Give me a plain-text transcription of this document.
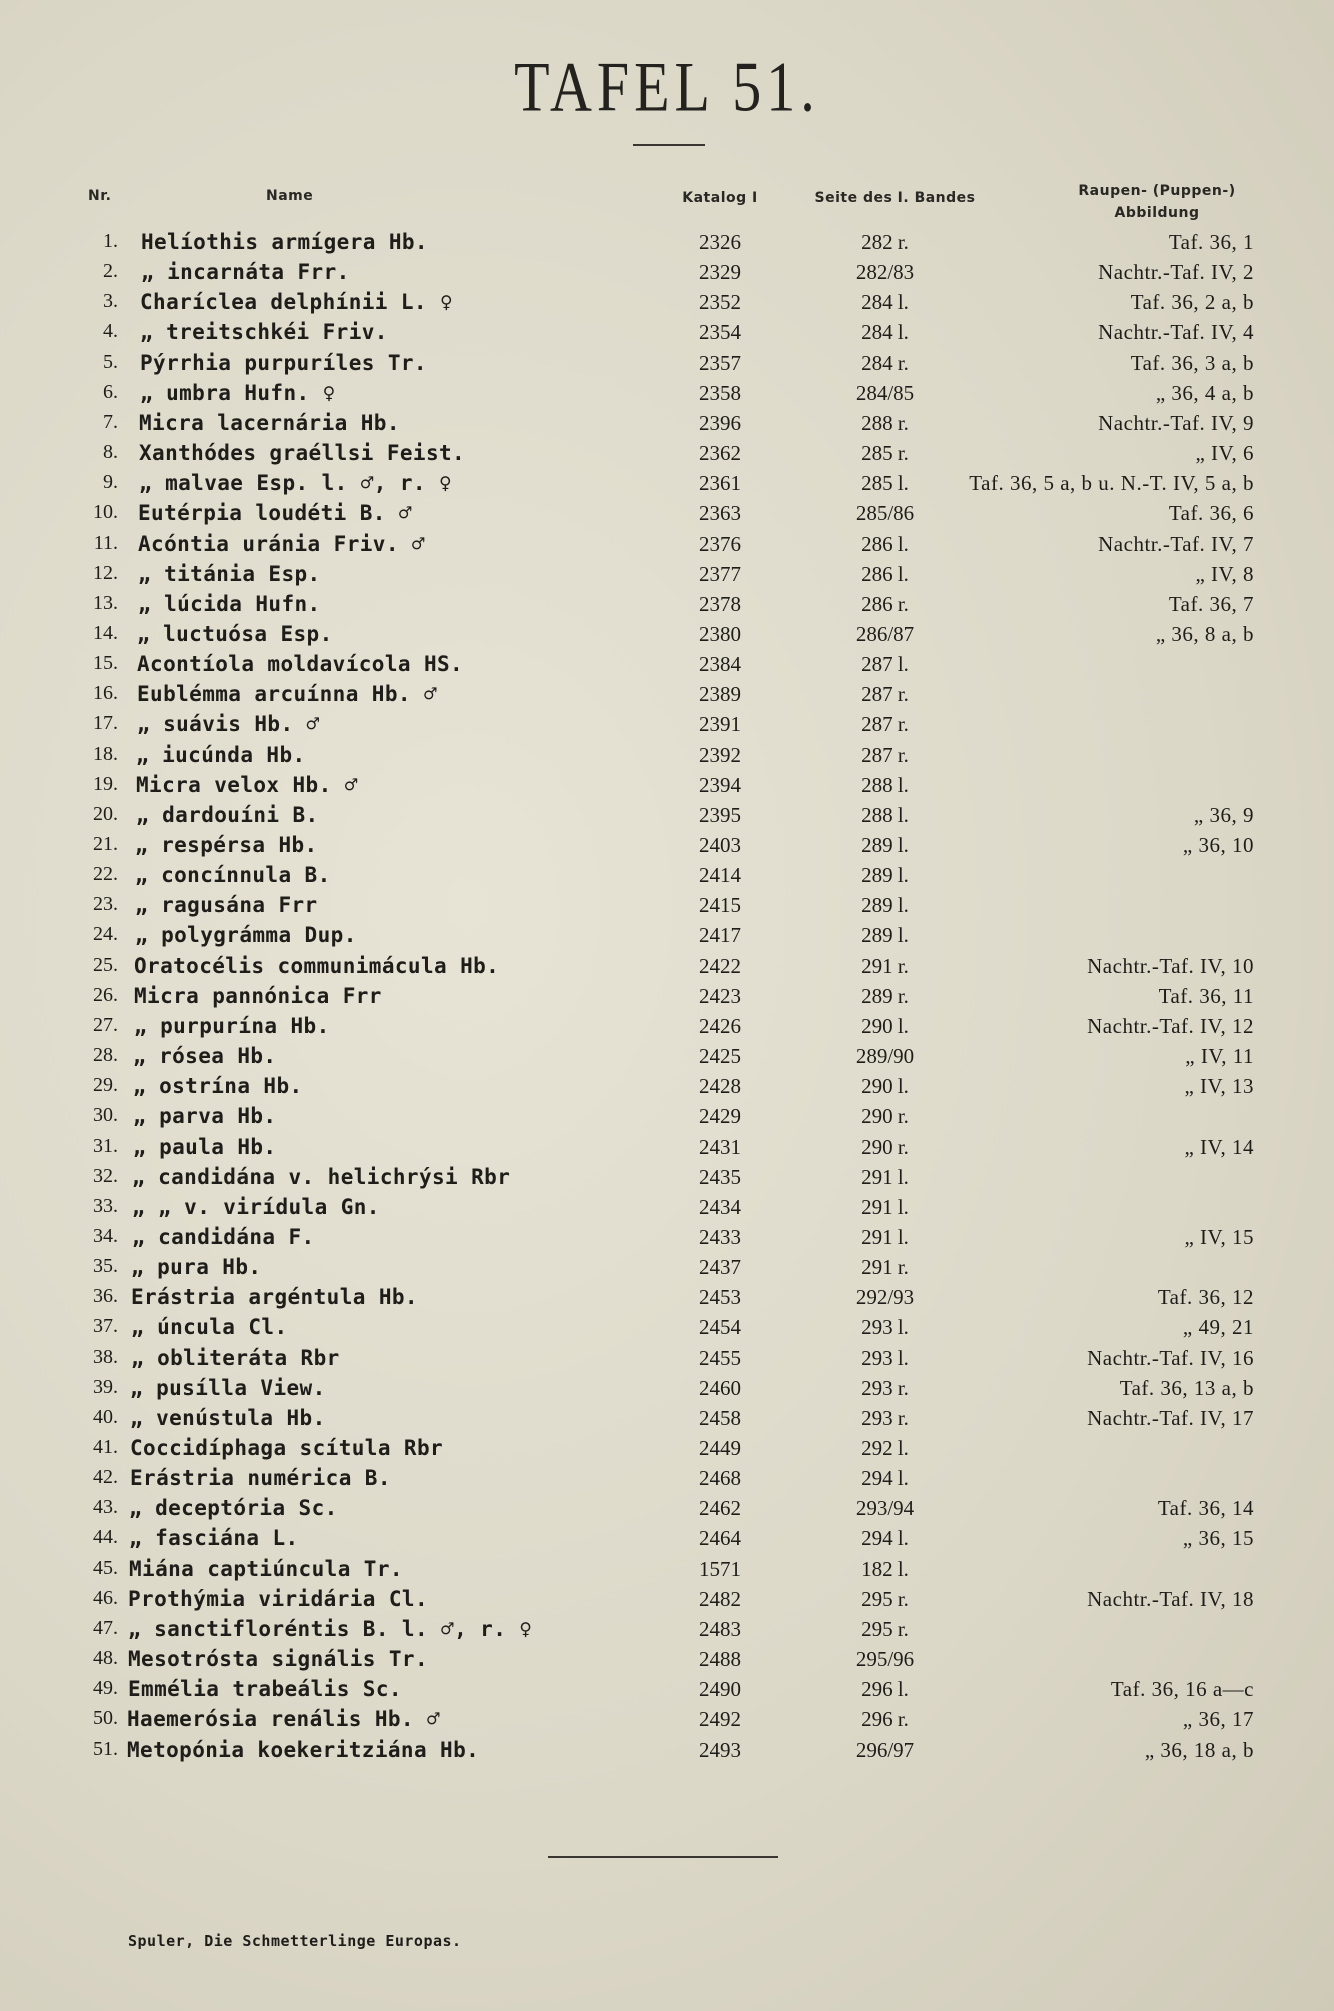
TAFEL 51.
Nr.	Name	Katalog I	Seite des I. Bandes	Raupen- (Puppen-)
Abbildung
1. Helíothis armígera Hb.	2326	282 r.	Taf. 36, 1
2. „ incarnáta Frr.	2329	282/83	Nachtr.-Taf. IV, 2
3. Charíclea delphínii L. ♀	2352	284 l.	Taf. 36, 2 a, b
4. „ treitschkéi Friv.	2354	284 l.	Nachtr.-Taf. IV, 4
5. Pýrrhia purpuríles Tr.	2357	284 r.	Taf. 36, 3 a, b
6. „ umbra Hufn. ♀	2358	284/85	„ 36, 4 a, b
7. Micra lacernária Hb.	2396	288 r.	Nachtr.-Taf. IV, 9
8. Xanthódes graéllsi Feist.	2362	285 r.	„ IV, 6
9. „ malvae Esp. l. ♂, r. ♀	2361	285 l.	Taf. 36, 5 a, b u. N.-T. IV, 5 a, b
10. Eutérpia loudéti B. ♂	2363	285/86	Taf. 36, 6
11. Acóntia uránia Friv. ♂	2376	286 l.	Nachtr.-Taf. IV, 7
12. „ titánia Esp.	2377	286 l.	„ IV, 8
13. „ lúcida Hufn.	2378	286 r.	Taf. 36, 7
14. „ luctuósa Esp.	2380	286/87	„ 36, 8 a, b
15. Acontíola moldavícola HS.	2384	287 l.
16. Eublémma arcuínna Hb. ♂	2389	287 r.
17. „ suávis Hb. ♂	2391	287 r.
18. „ iucúnda Hb.	2392	287 r.
19. Micra velox Hb. ♂	2394	288 l.
20. „ dardouíni B.	2395	288 l.	„ 36, 9
21. „ respérsa Hb.	2403	289 l.	„ 36, 10
22. „ concínnula B.	2414	289 l.
23. „ ragusána Frr	2415	289 l.
24. „ polygrámma Dup.	2417	289 l.
25. Oratocélis communimácula Hb.	2422	291 r.	Nachtr.-Taf. IV, 10
26. Micra pannónica Frr	2423	289 r.	Taf. 36, 11
27. „ purpurína Hb.	2426	290 l.	Nachtr.-Taf. IV, 12
28. „ rósea Hb.	2425	289/90	„ IV, 11
29. „ ostrína Hb.	2428	290 l.	„ IV, 13
30. „ parva Hb.	2429	290 r.
31. „ paula Hb.	2431	290 r.	„ IV, 14
32. „ candidána v. helichrýsi Rbr	2435	291 l.
33. „ „ v. virídula Gn.	2434	291 l.
34. „ candidána F.	2433	291 l.	„ IV, 15
35. „ pura Hb.	2437	291 r.
36. Erástria argéntula Hb.	2453	292/93	Taf. 36, 12
37. „ úncula Cl.	2454	293 l.	„ 49, 21
38. „ obliteráta Rbr	2455	293 l.	Nachtr.-Taf. IV, 16
39. „ pusílla View.	2460	293 r.	Taf. 36, 13 a, b
40. „ venústula Hb.	2458	293 r.	Nachtr.-Taf. IV, 17
41. Coccidíphaga scítula Rbr	2449	292 l.
42. Erástria numérica B.	2468	294 l.
43. „ deceptória Sc.	2462	293/94	Taf. 36, 14
44. „ fasciána L.	2464	294 l.	„ 36, 15
45. Miána captiúncula Tr.	1571	182 l.
46. Prothýmia viridária Cl.	2482	295 r.	Nachtr.-Taf. IV, 18
47. „ sanctifloréntis B. l. ♂, r. ♀	2483	295 r.
48. Mesotrósta signális Tr.	2488	295/96
49. Emmélia trabeális Sc.	2490	296 l.	Taf. 36, 16 a—c
50. Haemerósia renális Hb. ♂	2492	296 r.	„ 36, 17
51. Metopónia koekeritziána Hb.	2493	296/97	„ 36, 18 a, b
Spuler, Die Schmetterlinge Europas.
